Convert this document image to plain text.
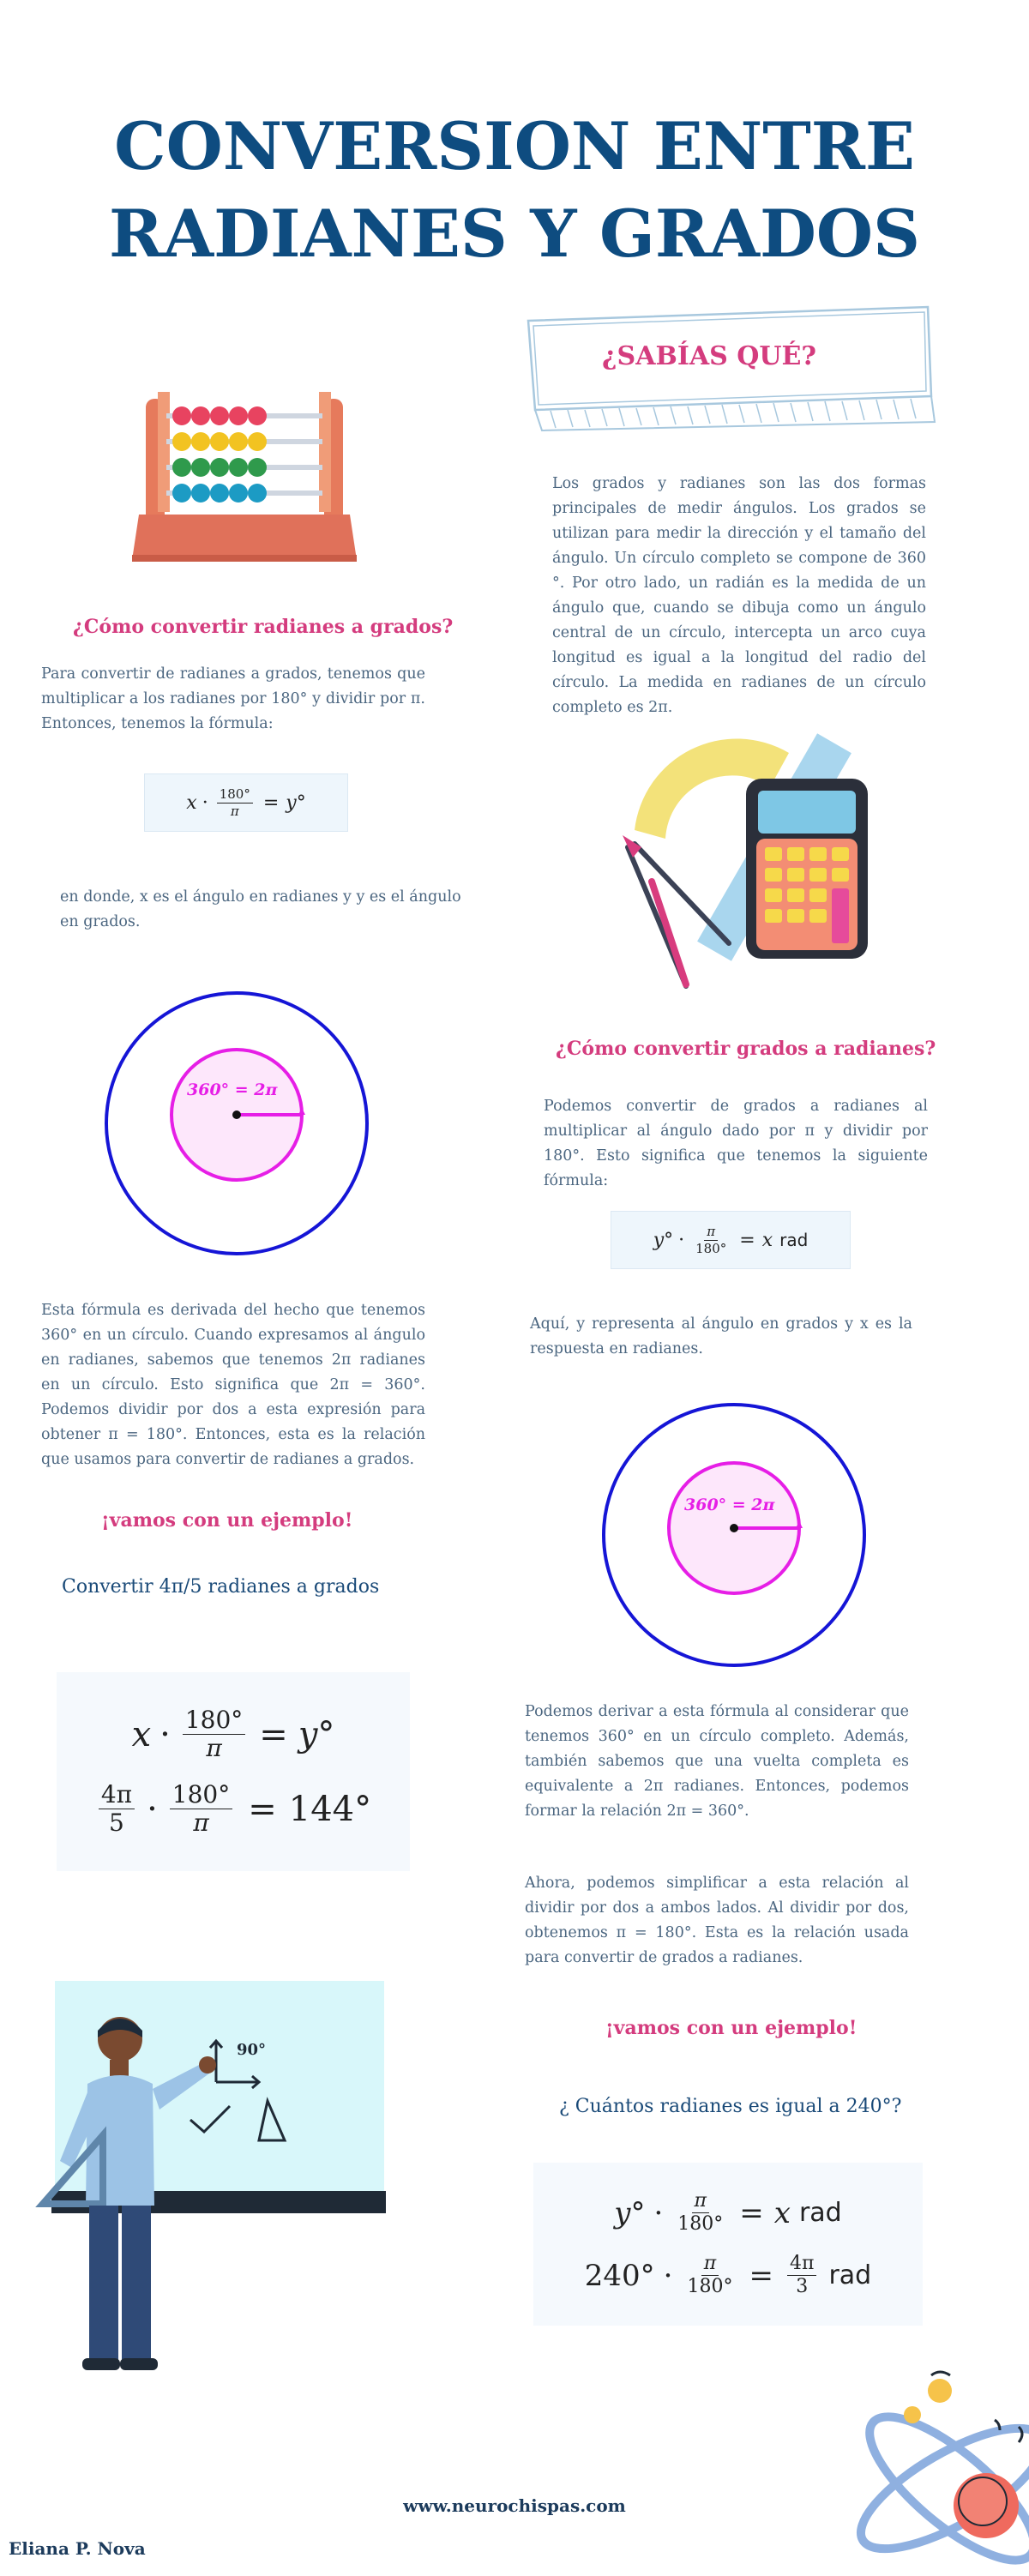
CONVERSION ENTRE
RADIANES Y GRADOS
¿SABÍAS QUÉ?
Los grados y radianes son las dos formas principales de medir ángulos. Los grados se utilizan para medir la dirección y el tamaño del ángulo. Un círculo completo se compone de 360 °. Por otro lado, un radián es la medida de un ángulo que, cuando se dibuja como un ángulo central de un círculo, intercepta un arco cuya longitud es igual a la longitud del radio del círculo. La medida en radianes de un círculo completo es 2π.
¿Cómo convertir radianes a grados?
Para convertir de radianes a grados, tenemos que multiplicar a los radianes por 180° y dividir por π. Entonces, tenemos la fórmula:
$x \cdot \frac{180^\circ}{\pi} = y^\circ$
en donde, x es el ángulo en radianes y y es el ángulo en grados.
360° = 2π
Esta fórmula es derivada del hecho que tenemos 360° en un círculo. Cuando expresamos al ángulo en radianes, sabemos que tenemos 2π radianes en un círculo. Esto significa que 2π = 360°. Podemos dividir por dos a esta expresión para obtener π = 180°. Entonces, esta es la relación que usamos para convertir de radianes a grados.
¡vamos con un ejemplo!
Convertir 4π/5 radianes a grados
$x \cdot \frac{180^\circ}{\pi} = y^\circ$
$\frac{4\pi}{5} \cdot \frac{180^\circ}{\pi} = 144^\circ$
90°
¿Cómo convertir grados a radianes?
Podemos convertir de grados a radianes al multiplicar al ángulo dado por π y dividir por 180°. Esto significa que tenemos la siguiente fórmula:
$y^\circ \cdot \frac{\pi}{180^\circ} = x$ rad
Aquí, y representa al ángulo en grados y x es la respuesta en radianes.
360° = 2π
Podemos derivar a esta fórmula al considerar que tenemos 360° en un círculo completo. Además, también sabemos que una vuelta completa es equivalente a 2π radianes. Entonces, podemos formar la relación 2π = 360°.
Ahora, podemos simplificar a esta relación al dividir por dos a ambos lados. Al dividir por dos, obtenemos π = 180°. Esta es la relación usada para convertir de grados a radianes.
¡vamos con un ejemplo!
¿ Cuántos radianes es igual a 240°?
$y^\circ \cdot \frac{\pi}{180^\circ} = x$ rad
$240^\circ \cdot \frac{\pi}{180^\circ} = \frac{4\pi}{3}$ rad
www.neurochispas.com
Eliana P. Nova
